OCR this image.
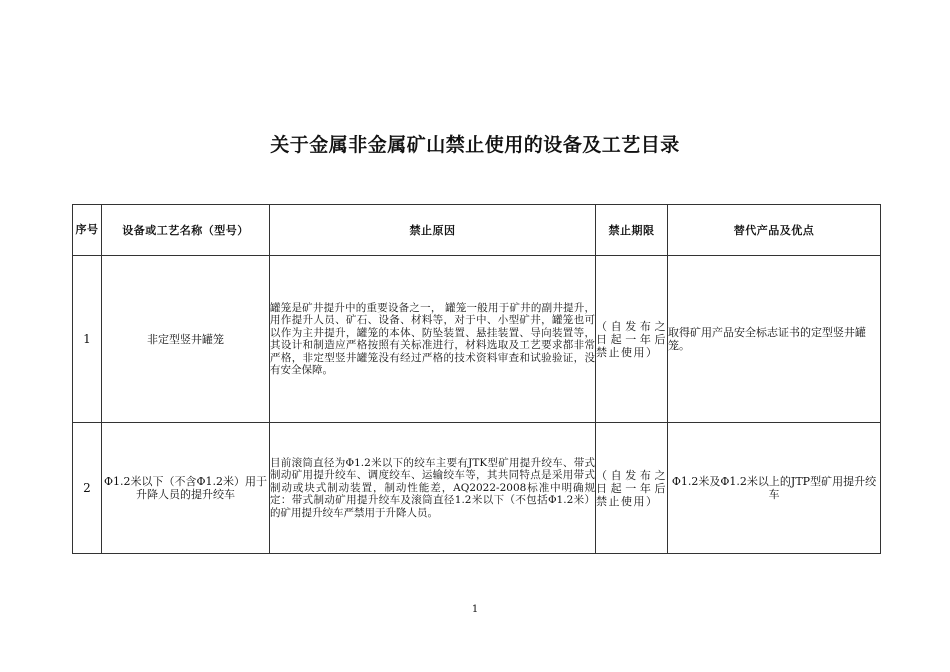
关于金属非金属矿山禁止使用的设备及工艺目录
序号	设备或工艺名称（型号）	禁止原因	禁止期限	替代产品及优点
1	非定型竖井罐笼	罐笼是矿井提升中的重要设备之一， 罐笼一般用于矿井的副井提升，用作提升人员、矿石、设备、材料等，对于中、小型矿井，罐笼也可以作为主井提升，罐笼的本体、防坠装置、悬挂装置、导向装置等，其设计和制造应严格按照有关标准进行，材料选取及工艺要求都非常严格，非定型竖井罐笼没有经过严格的技术资料审查和试验验证，没有安全保障。	（自发布之日起一年后禁止使用）	取得矿用产品安全标志证书的定型竖井罐笼。
2	Φ1.2米以下（不含Φ1.2米）用于升降人员的提升绞车	目前滚筒直径为Φ1.2米以下的绞车主要有JTK型矿用提升绞车、带式制动矿用提升绞车、调度绞车、运输绞车等，其共同特点是采用带式制动或块式制动装置，制动性能差，AQ2022-2008标准中明确规定：带式制动矿用提升绞车及滚筒直径1.2米以下（不包括Φ1.2米）的矿用提升绞车严禁用于升降人员。	（自发布之日起一年后禁止使用）	Φ1.2米及Φ1.2米以上的JTP型矿用提升绞车
1
